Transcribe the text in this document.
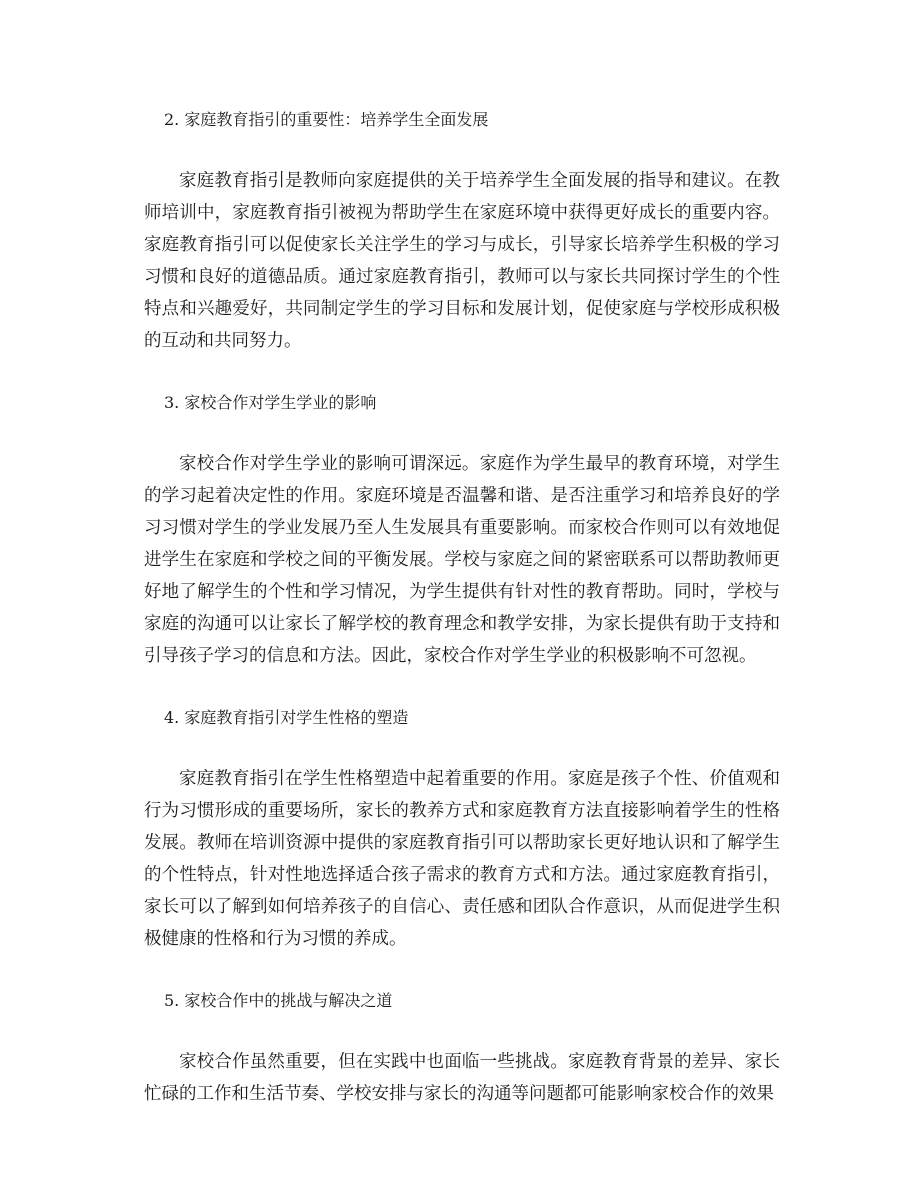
2. 家庭教育指引的重要性：培养学生全面发展

家庭教育指引是教师向家庭提供的关于培养学生全面发展的指导和建议。在教师培训中，家庭教育指引被视为帮助学生在家庭环境中获得更好成长的重要内容。家庭教育指引可以促使家长关注学生的学习与成长，引导家长培养学生积极的学习习惯和良好的道德品质。通过家庭教育指引，教师可以与家长共同探讨学生的个性特点和兴趣爱好，共同制定学生的学习目标和发展计划，促使家庭与学校形成积极的互动和共同努力。

3. 家校合作对学生学业的影响

家校合作对学生学业的影响可谓深远。家庭作为学生最早的教育环境，对学生的学习起着决定性的作用。家庭环境是否温馨和谐、是否注重学习和培养良好的学习习惯对学生的学业发展乃至人生发展具有重要影响。而家校合作则可以有效地促进学生在家庭和学校之间的平衡发展。学校与家庭之间的紧密联系可以帮助教师更好地了解学生的个性和学习情况，为学生提供有针对性的教育帮助。同时，学校与家庭的沟通可以让家长了解学校的教育理念和教学安排，为家长提供有助于支持和引导孩子学习的信息和方法。因此，家校合作对学生学业的积极影响不可忽视。

4. 家庭教育指引对学生性格的塑造

家庭教育指引在学生性格塑造中起着重要的作用。家庭是孩子个性、价值观和行为习惯形成的重要场所，家长的教养方式和家庭教育方法直接影响着学生的性格发展。教师在培训资源中提供的家庭教育指引可以帮助家长更好地认识和了解学生的个性特点，针对性地选择适合孩子需求的教育方式和方法。通过家庭教育指引，家长可以了解到如何培养孩子的自信心、责任感和团队合作意识，从而促进学生积极健康的性格和行为习惯的养成。

5. 家校合作中的挑战与解决之道

家校合作虽然重要，但在实践中也面临一些挑战。家庭教育背景的差异、家长忙碌的工作和生活节奏、学校安排与家长的沟通等问题都可能影响家校合作的效果
